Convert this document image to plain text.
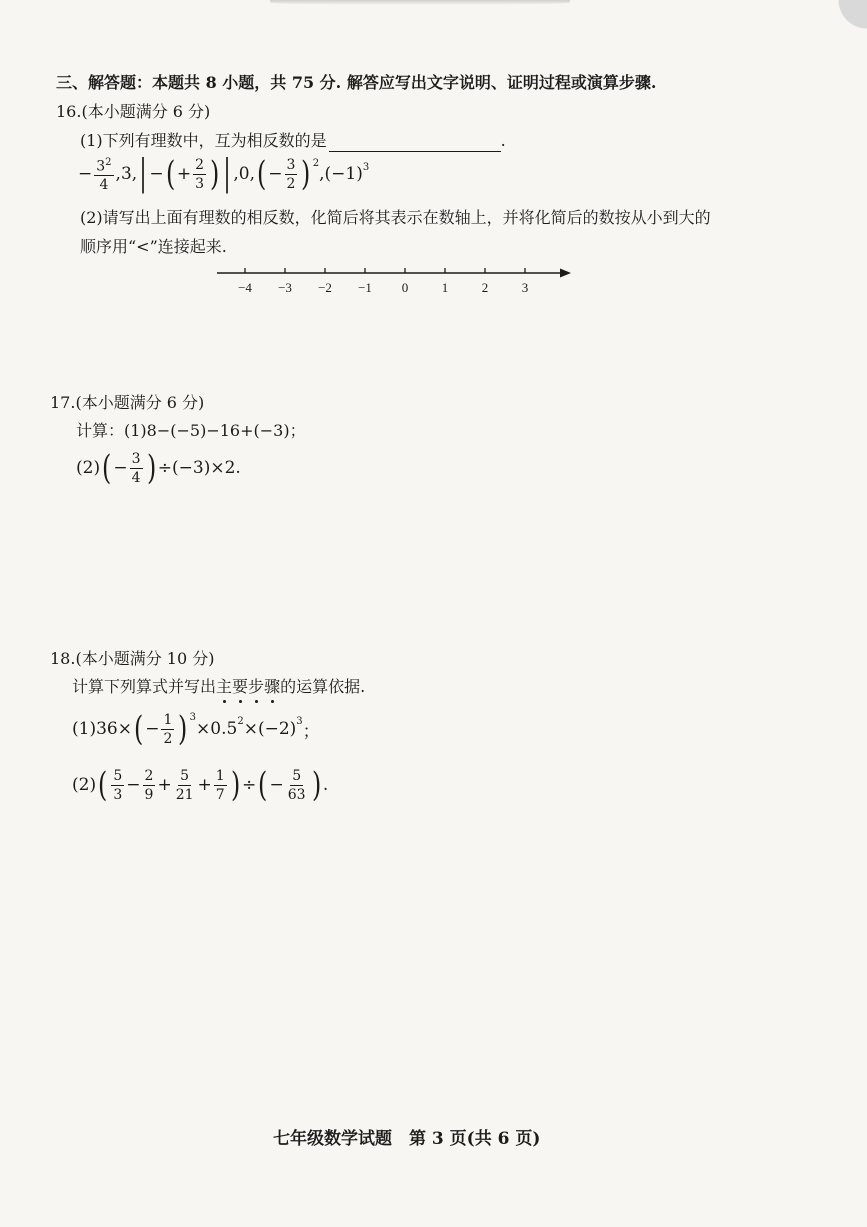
三、解答题：本题共 8 小题，共 75 分. 解答应写出文字说明、证明过程或演算步骤.
16.(本小题满分 6 分)
(1)下列有理数中，互为相反数的是	.
− $\frac{3^2}{4} ,3$, | − ( + $\frac{2}{3}$ ) | ,0, ( − $\frac{3}{2} )^2$
$,(-1)^3$
(2)请写出上面有理数的相反数，化简后将其表示在数轴上，并将化简后的数按从小到大的
顺序用“<”连接起来.
−4 −3 −2 −1 0	1	2	3
17.(本小题满分 6 分)
计算：(1)8−(−5)−16+(−3)；
(2) ( − $\frac{3}{4}$ ) ÷(−3)×2.
18.(本小题满分 10 分)
计算下列算式并写出主要步骤的运算依据.
(1)36× ( − $\frac{1}{2} )^3$
$\times 0.5^2 \times(-2)^3$ ；
(2) ( $\frac{5}{3} - \frac{2}{9} + \frac{5}{21} + \frac{1}{7}$ ) ÷ ( − $\frac{5}{63}$ ) .
七年级数学试题　第 3 页(共 6 页)
